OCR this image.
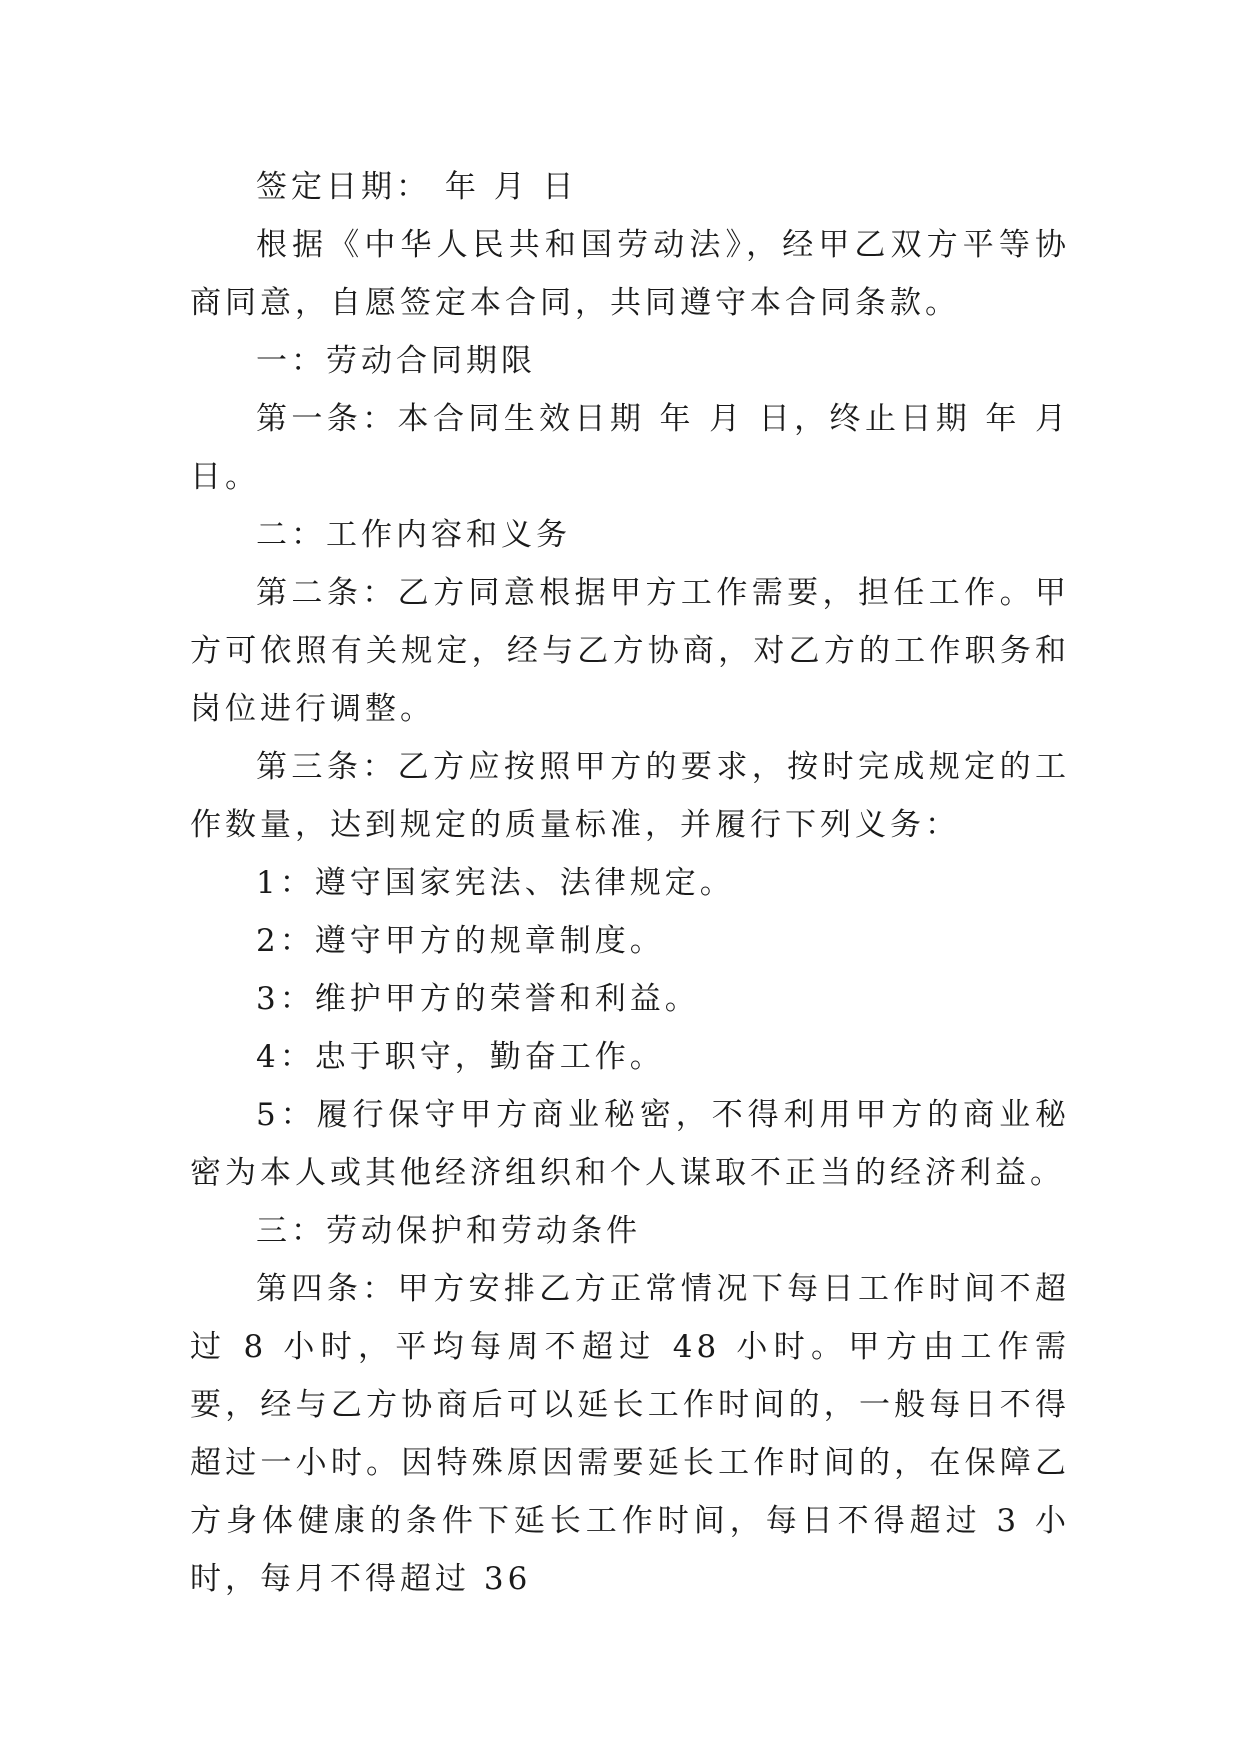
签定日期： 年 月 日

根据《中华人民共和国劳动法》，经甲乙双方平等协商同意，自愿签定本合同，共同遵守本合同条款。

一：劳动合同期限

第一条：本合同生效日期 年 月 日，终止日期 年 月日。

二：工作内容和义务

第二条：乙方同意根据甲方工作需要，担任工作。甲方可依照有关规定，经与乙方协商，对乙方的工作职务和岗位进行调整。

第三条：乙方应按照甲方的要求，按时完成规定的工作数量，达到规定的质量标准，并履行下列义务：

1：遵守国家宪法、法律规定。

2：遵守甲方的规章制度。

3：维护甲方的荣誉和利益。

4：忠于职守，勤奋工作。

5：履行保守甲方商业秘密，不得利用甲方的商业秘密为本人或其他经济组织和个人谋取不正当的经济利益。

三：劳动保护和劳动条件

第四条：甲方安排乙方正常情况下每日工作时间不超过 8 小时，平均每周不超过 48 小时。甲方由工作需要，经与乙方协商后可以延长工作时间的，一般每日不得超过一小时。因特殊原因需要延长工作时间的，在保障乙方身体健康的条件下延长工作时间，每日不得超过 3 小时，每月不得超过 36
